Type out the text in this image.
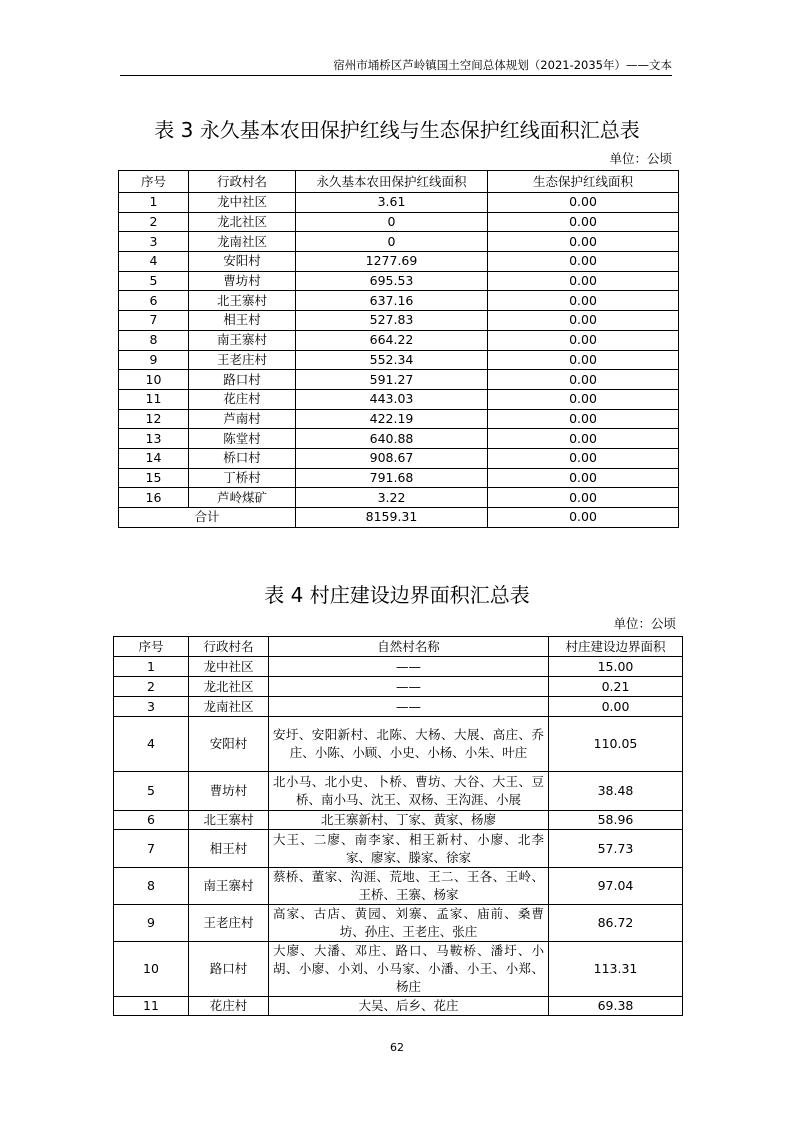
宿州市埇桥区芦岭镇国土空间总体规划（2021-2035年）——文本
表 3 永久基本农田保护红线与生态保护红线面积汇总表
单位：公顷
序号	行政村名	永久基本农田保护红线面积	生态保护红线面积
1	龙中社区	3.61	0.00
2	龙北社区	0	0.00
3	龙南社区	0	0.00
4	安阳村	1277.69	0.00
5	曹坊村	695.53	0.00
6	北王寨村	637.16	0.00
7	相王村	527.83	0.00
8	南王寨村	664.22	0.00
9	王老庄村	552.34	0.00
10	路口村	591.27	0.00
11	花庄村	443.03	0.00
12	芦南村	422.19	0.00
13	陈堂村	640.88	0.00
14	桥口村	908.67	0.00
15	丁桥村	791.68	0.00
16	芦岭煤矿	3.22	0.00
合计		8159.31	0.00
表 4 村庄建设边界面积汇总表
单位：公顷
序号	行政村名	自然村名称	村庄建设边界面积
1	龙中社区	——	15.00
2	龙北社区	——	0.21
3	龙南社区	——	0.00
4	安阳村	安圩、安阳新村、北陈、大杨、大展、高庄、乔庄、小陈、小顾、小史、小杨、小朱、叶庄	110.05
5	曹坊村	北小马、北小史、卜桥、曹坊、大谷、大王、豆桥、南小马、沈王、双杨、王沟涯、小展	38.48
6	北王寨村	北王寨新村、丁家、黄家、杨廖	58.96
7	相王村	大王、二廖、南李家、相王新村、小廖、北李家、廖家、滕家、徐家	57.73
8	南王寨村	蔡桥、董家、沟涯、荒地、王二、王各、王岭、王桥、王寨、杨家	97.04
9	王老庄村	高家、古店、黄园、刘寨、孟家、庙前、桑曹坊、孙庄、王老庄、张庄	86.72
10	路口村	大廖、大潘、邓庄、路口、马鞍桥、潘圩、小胡、小廖、小刘、小马家、小潘、小王、小郑、杨庄	113.31
11	花庄村	大吴、后乡、花庄	69.38
62
